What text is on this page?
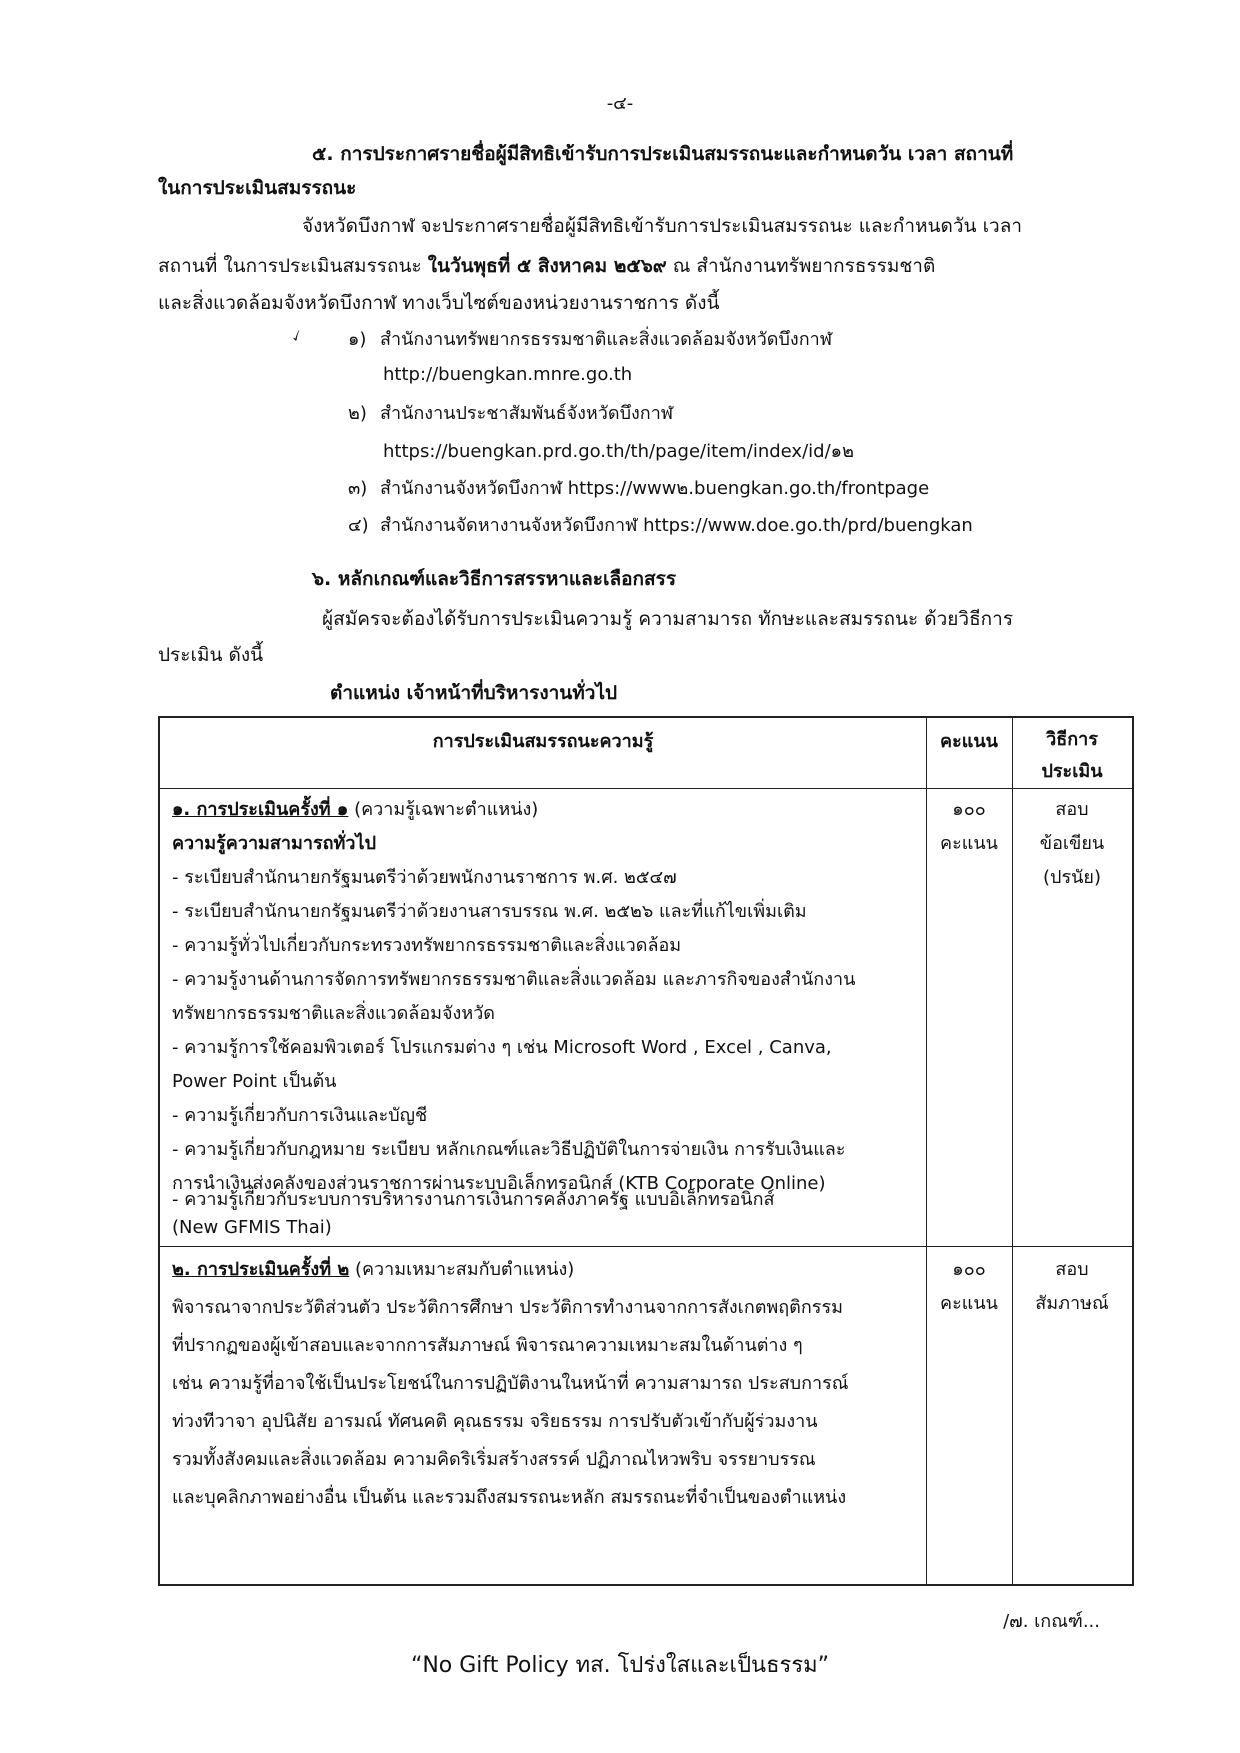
-๔-
๕. การประกาศรายชื่อผู้มีสิทธิเข้ารับการประเมินสมรรถนะและกำหนดวัน เวลา สถานที่
ในการประเมินสมรรถนะ
จังหวัดบึงกาฬ จะประกาศรายชื่อผู้มีสิทธิเข้ารับการประเมินสมรรถนะ และกำหนดวัน เวลา
สถานที่ ในการประเมินสมรรถนะ ในวันพุธที่ ๕ สิงหาคม ๒๕๖๙ ณ สำนักงานทรัพยากรธรรมชาติ
และสิ่งแวดล้อมจังหวัดบึงกาฬ ทางเว็บไซต์ของหน่วยงานราชการ ดังนี้
🗸 ๑) สำนักงานทรัพยากรธรรมชาติและสิ่งแวดล้อมจังหวัดบึงกาฬ
http://buengkan.mnre.go.th
๒) สำนักงานประชาสัมพันธ์จังหวัดบึงกาฬ
https://buengkan.prd.go.th/th/page/item/index/id/๑๒
๓) สำนักงานจังหวัดบึงกาฬ https://www๒.buengkan.go.th/frontpage
๔) สำนักงานจัดหางานจังหวัดบึงกาฬ https://www.doe.go.th/prd/buengkan
๖. หลักเกณฑ์และวิธีการสรรหาและเลือกสรร
ผู้สมัครจะต้องได้รับการประเมินความรู้ ความสามารถ ทักษะและสมรรถนะ ด้วยวิธีการ
ประเมิน ดังนี้
ตำแหน่ง เจ้าหน้าที่บริหารงานทั่วไป
การประเมินสมรรถนะความรู้	คะแนน	วิธีการ
ประเมิน
๑. การประเมินครั้งที่ ๑ (ความรู้เฉพาะตำแหน่ง)
ความรู้ความสามารถทั่วไป
- ระเบียบสำนักนายกรัฐมนตรีว่าด้วยพนักงานราชการ พ.ศ. ๒๕๔๗
- ระเบียบสำนักนายกรัฐมนตรีว่าด้วยงานสารบรรณ พ.ศ. ๒๕๒๖ และที่แก้ไขเพิ่มเติม
- ความรู้ทั่วไปเกี่ยวกับกระทรวงทรัพยากรธรรมชาติและสิ่งแวดล้อม
- ความรู้งานด้านการจัดการทรัพยากรธรรมชาติและสิ่งแวดล้อม และภารกิจของสำนักงาน
ทรัพยากรธรรมชาติและสิ่งแวดล้อมจังหวัด
- ความรู้การใช้คอมพิวเตอร์ โปรแกรมต่าง ๆ เช่น Microsoft Word , Excel , Canva,
Power Point เป็นต้น
- ความรู้เกี่ยวกับการเงินและบัญชี
- ความรู้เกี่ยวกับกฎหมาย ระเบียบ หลักเกณฑ์และวิธีปฏิบัติในการจ่ายเงิน การรับเงินและ
การนำเงินส่งคลังของส่วนราชการผ่านระบบอิเล็กทรอนิกส์ (KTB Corporate Online)
- ความรู้เกี่ยวกับระบบการบริหารงานการเงินการคลังภาครัฐ แบบอิเล็กทรอนิกส์
๑๐๐
คะแนน
สอบ
ข้อเขียน
(ปรนัย)
๒. การประเมินครั้งที่ ๒ (ความเหมาะสมกับตำแหน่ง)
พิจารณาจากประวัติส่วนตัว ประวัติการศึกษา ประวัติการทำงานจากการสังเกตพฤติกรรม
ที่ปรากฏของผู้เข้าสอบและจากการสัมภาษณ์ พิจารณาความเหมาะสมในด้านต่าง ๆ
เช่น ความรู้ที่อาจใช้เป็นประโยชน์ในการปฏิบัติงานในหน้าที่ ความสามารถ ประสบการณ์
ท่วงทีวาจา อุปนิสัย อารมณ์ ทัศนคติ คุณธรรม จริยธรรม การปรับตัวเข้ากับผู้ร่วมงาน
รวมทั้งสังคมและสิ่งแวดล้อม ความคิดริเริ่มสร้างสรรค์ ปฏิภาณไหวพริบ จรรยาบรรณ
และบุคลิกภาพอย่างอื่น เป็นต้น และรวมถึงสมรรถนะหลัก สมรรถนะที่จำเป็นของตำแหน่ง
๑๐๐
คะแนน
สอบ
สัมภาษณ์
(New GFMIS Thai)
/๗. เกณฑ์...
“No Gift Policy ทส. โปร่งใสและเป็นธรรม”
